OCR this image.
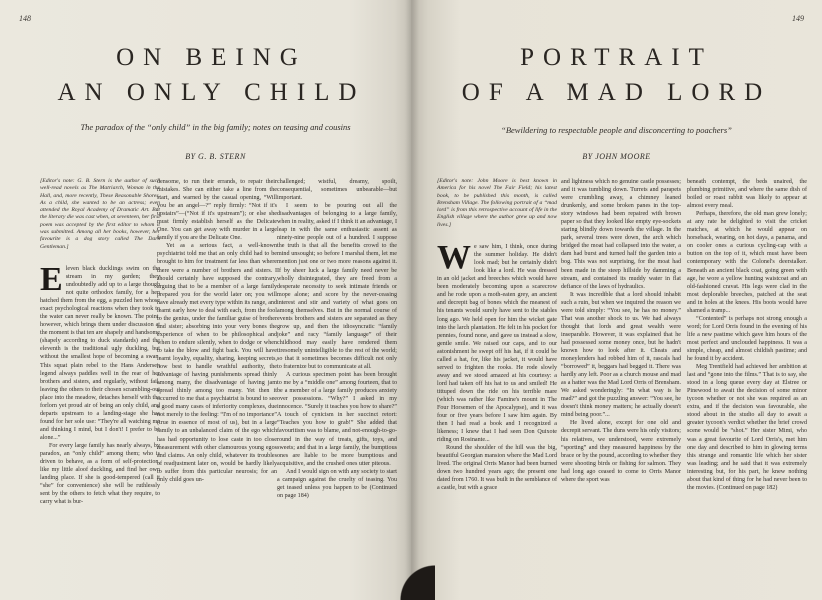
148
ON BEING
AN ONLY CHILD
The paradox of the “only child” in the big family; notes on teasing and cousins
BY G. B. STERN

[Editor's note: G. B. Stern is the author of such well-read novels as The Matriarch, Woman in the Hall, and, more recently, These Reasonable Shores. As a child, she wanted to be an actress; even attended the Royal Academy of Dramatic Art. But the literary die was cast when, at seventeen, her first poem was accepted by the first editor to whom it was submitted. Among all her books, however, her favourite is a dog story called The Dark Gentleman.]

Eleven black ducklings swim on the stream in my garden; they undoubtedly add up to a large though not quite orthodox family, for a hen hatched them from the egg, a puzzled hen whose exact psychological reactions when they took to the water can never really be known. The point, however, which brings them under discussion at the moment is that ten are shapely and handsome (shapely according to duck standards) and the eleventh is the traditional ugly duckling, but without the smallest hope of becoming a swan. This squat plain rebel to the Hans Andersen legend always paddles well in the rear of her brothers and sisters, and regularly, without fail, leaving the others to their chosen scrambling-out place into the meadow, detaches herself with the forlorn yet proud air of being an only child, and departs upstream to a landing-stage she has found for her sole use: “They're all watching me and thinking I mind, but I don't! I prefer to be alone...”

For every large family has nearly always, by paradox, an “only child” among them; who is driven to behave, as a form of self-protection, like my little aloof duckling, and find her own landing place. If she is good-tempered (call it “she” for convenience) she will be ruthlessly sent by the others to fetch what they require, to carry what is bur-

densome, to run their errands, to repair their mistakes. She can either take a line from the start, and warned by the casual opening, “Will you be an angel—?” reply firmly: “Not if it's upstairs”—(“Not if it's upstream”); or else she must firmly establish herself as the Delicate One. You can get away with murder in a large family if you are the Delicate One.

Yet as a serious fact, a well-known psychiatrist told me that an only child had to be brought to him for treatment far less than where there were a number of brothers and sisters. I should certainly have supposed the contrary, arguing that to be a member of a large family prepared you for the world later on; you will have already met every type within its range, and learnt early how to deal with each, from the fool to the genius, under the familiar guise of brother and sister; absorbing into your very bones the experience of when to be philosophical and when to endure silently, when to dodge or when to take the blow and fight back. You will have learnt loyalty, equality, sharing, keeping secrets, how best to handle wrathful authority, the advantage of having punishments spread thinly among many, the disadvantage of having jam spread thinly among too many. Yet then it occurred to me that a psychiatrist is bound to see a good many cases of inferiority complexes, due not merely to the feeling: “I'm of no importance” (true in essence of most of us), but in a large family to an unbalanced claim of the ego which has had opportunity to lose caste in too close measurement with other clamourous young egos and claims. An only child, whatever its troubles of readjustment later on, would be hardly likely to suffer from this particular neurosis; for an only child goes un-

challenged; wistful, dreamy, spoilt, consequential, sometimes unbearable—but important.

I seem to be pouring out all the disadvantages of belonging to a large family, when in reality, asked if I think it an advantage, I leap in with the same enthusiastic assent as ninety-nine people out of a hundred. I suppose the truth is that all the benefits crowd to the mind unsought; so before I marshal them, let me mention just one or two more reasons against it. If by sheer luck a large family need never be wholly disintegrated, they are freed from a desperate necessity to seek intimate friends or mope alone; and score by the never-ceasing interest and stir and variety of what goes on among themselves. But in the normal course of events brothers and sisters are separated as they grow up, and then the idiosyncratic “family joke” and racy “family language” of their childhood may easily have rendered them tiresomely unintelligible to the rest of the world; so that it sometimes becomes difficult not only to fraternize but to communicate at all.

A curious specimen point has been brought to me by a “middle one” among fourteen, that to be a member of a large family produces anxiety over possessions. “Why?” I asked in my innocence. “Surely it teaches you how to share?” A touch of cynicism in her succinct retort: “Teaches you how to grab!” She added that favouritism was to blame, and not-enough-to-go-round in the way of treats, gifts, toys, and sweets; and that in a large family, the bumptious ones are liable to be more bumptious and acquisitive, and the crushed ones utter piteous.

And I would sign on with any society to start a campaign against the cruelty of teasing. You get teased unless you happen to be (Continued on page 184)

149
PORTRAIT
OF A MAD LORD
“Bewildering to respectable people and disconcerting to poachers”
BY JOHN MOORE

[Editor's note: John Moore is best known in America for his novel The Fair Field; his latest book, to be published this month, is called Brensham Village. The following portrait of a “mad lord” is from this retrospective account of life in the English village where the author grew up and now lives.]

We saw him, I think, once during the summer holiday. He didn't look mad; but he certainly didn't look like a lord. He was dressed in an old jacket and breeches which would have been moderately becoming upon a scarecrow and he rode upon a moth-eaten grey, an ancient and decrepit bag of bones which the meanest of his tenants would surely have sent to the stables long ago. We held open for him the wicket gate into the larch plantation. He felt in his pocket for pennies, found none, and gave us instead a slow, gentle smile. We raised our caps, and to our astonishment he swept off his hat, if it could be called a hat, for, like his jacket, it would have served to frighten the rooks. He rode slowly away and we stood amazed at his courtesy: a lord had taken off his hat to us and smiled! He tittuped down the ride on his terrible mare (which was rather like Famine's mount in The Four Horsemen of the Apocalypse), and it was four or five years before I saw him again. By then I had read a book and I recognized a likeness; I knew that I had seen Don Quixote riding on Rosinante...

Round the shoulder of the hill was the big, beautiful Georgian mansion where the Mad Lord lived. The original Orris Manor had been burned down two hundred years ago; the present one dated from 1760. It was built in the semblance of a castle, but with a grace

and lightness which no genuine castle possesses; and it was tumbling down. Turrets and parapets were crumbling away, a chimney leaned drunkenly, and some broken panes in the top-story windows had been repaired with brown paper so that they looked like empty eye-sockets staring blindly down towards the village. In the park, several trees were down, the arch which bridged the moat had collapsed into the water, a dam had burst and turned half the garden into a bog. This was not surprising, for the moat had been made in the steep hillside by damming a stream, and contained its muddy water in flat defiance of the laws of hydraulics.

It was incredible that a lord should inhabit such a ruin, but when we inquired the reason we were told simply: “You see, he has no money.” That was another shock to us. We had always thought that lords and great wealth were inseparable. However, it was explained that he had possessed some money once, but he hadn't known how to look after it. Cheats and moneylenders had robbed him of it, rascals had “borrowed” it, beggars had begged it. There was hardly any left. Poor as a church mouse and mad as a hatter was the Mad Lord Orris of Brensham. We asked wonderingly: “In what way is he mad?” and got the puzzling answer: “You see, he doesn't think money matters; he actually doesn't mind being poor.”...

He lived alone, except for one old and decrepit servant. The duns were his only visitors; his relatives, we understood, were extremely “sporting” and they measured happiness by the brace or by the pound, according to whether they were shooting birds or fishing for salmon. They had long ago ceased to come to Orris Manor where the sport was

beneath contempt, the beds unaired, the plumbing primitive, and where the same dish of boiled or roast rabbit was likely to appear at almost every meal.

Perhaps, therefore, the old man grew lonely; at any rate he delighted to visit the cricket matches, at which he would appear on horseback, wearing, on hot days, a panama, and on cooler ones a curious cycling-cap with a button on the top of it, which must have been contemporary with the Colonel's deerstalker. Beneath an ancient black coat, going green with age, he wore a yellow hunting waistcoat and an old-fashioned cravat. His legs were clad in the most deplorable breeches, patched at the seat and in holes at the knees. His boots would have shamed a tramp...

“Contented” is perhaps not strong enough a word; for Lord Orris found in the evening of his life a new pastime which gave him hours of the most perfect and unclouded happiness. It was a simple, cheap, and almost childish pastime; and he found it by accident.

Meg Trentfield had achieved her ambition at last and “gone into the films.” That is to say, she stood in a long queue every day at Elstree or Pinewood to await the decision of some minor tycoon whether or not she was required as an extra, and if the decision was favourable, she stood about in the studio all day to await a greater tycoon's verdict whether the brief crowd scene would be “shot.” Her sister Mimi, who was a great favourite of Lord Orris's, met him one day and described to him in glowing terms this strange and romantic life which her sister was leading; and he said that it was extremely interesting but, for his part, he knew nothing about that kind of thing for he had never been to the movies. (Continued on page 182)
